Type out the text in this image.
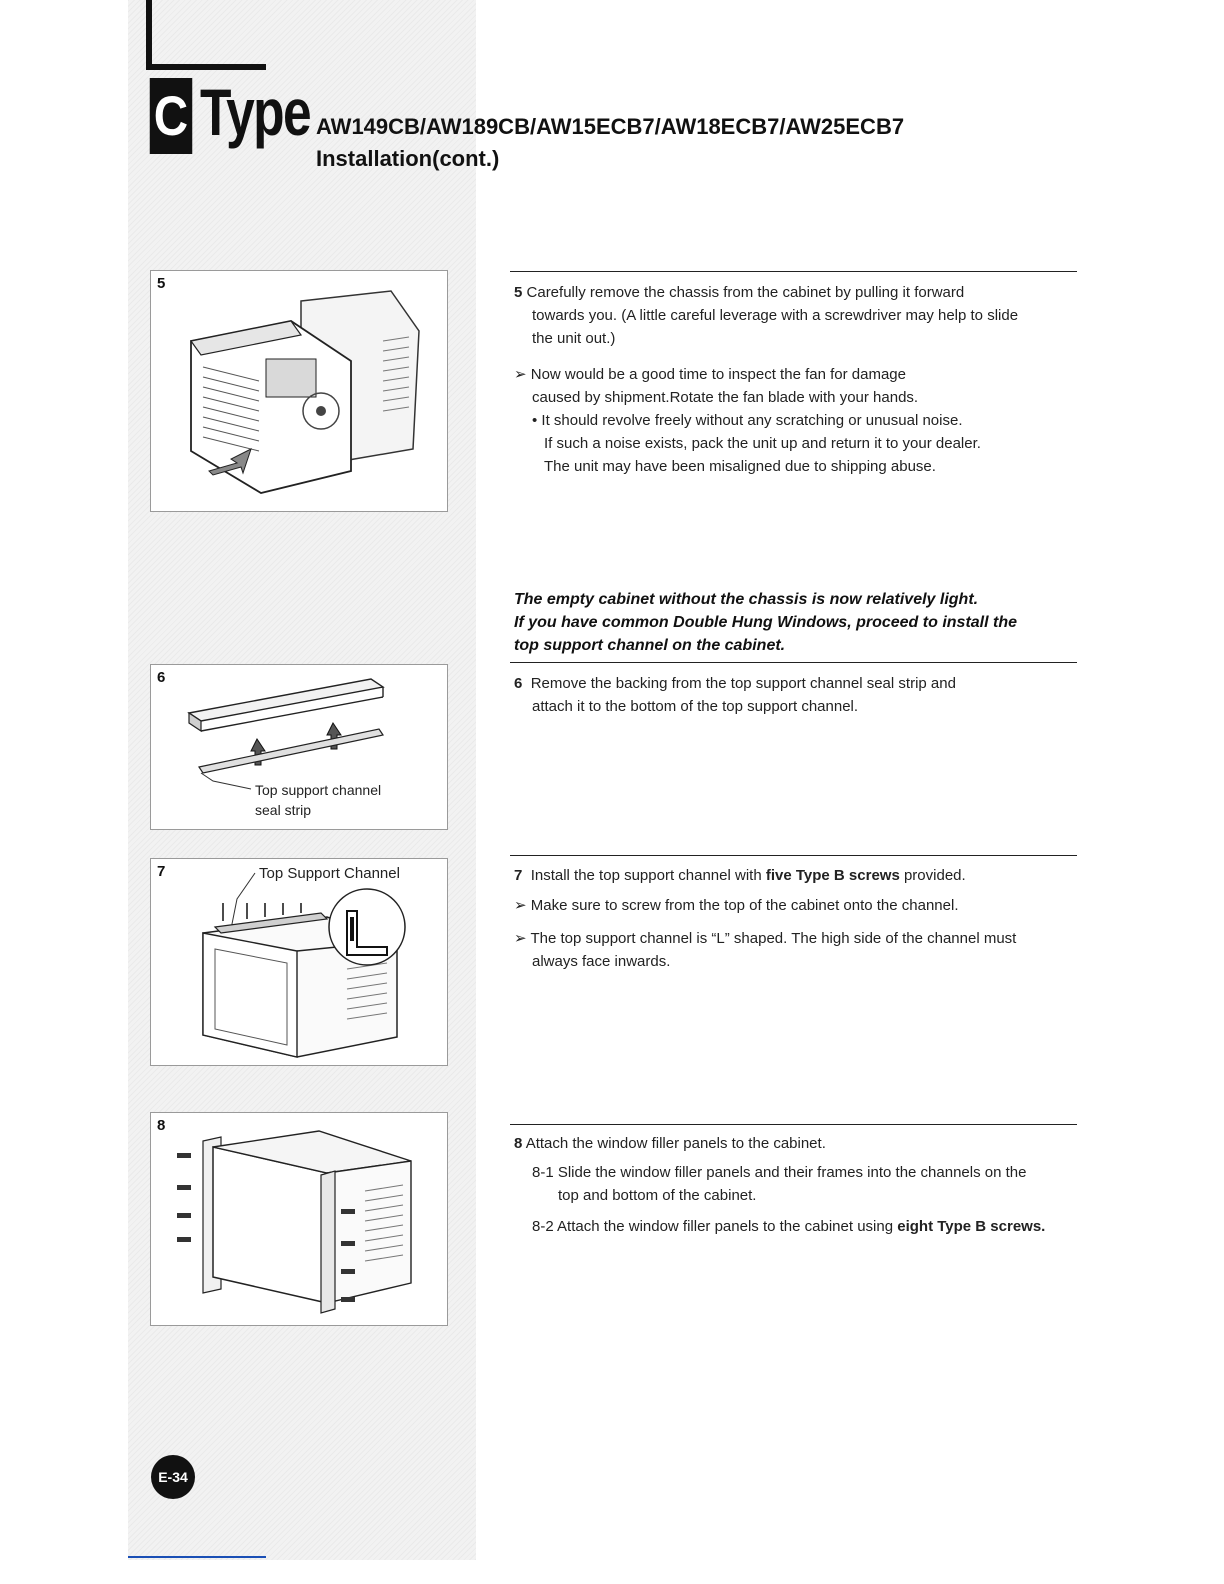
C Type AW149CB/AW189CB/AW15ECB7/AW18ECB7/AW25ECB7
Installation(cont.)
5
6
Top support channel
seal strip
7	Top Support Channel
8
5 Carefully remove the chassis from the cabinet by pulling it forward
towards you. (A little careful leverage with a screwdriver may help to slide
the unit out.)
➢ Now would be a good time to inspect the fan for damage
caused by shipment.Rotate the fan blade with your hands.
• It should revolve freely without any scratching or unusual noise.
If such a noise exists, pack the unit up and return it to your dealer.
The unit may have been misaligned due to shipping abuse.
The empty cabinet without the chassis is now relatively light.
If you have common Double Hung Windows, proceed to install the
top support channel on the cabinet.
6 Remove the backing from the top support channel seal strip and
attach it to the bottom of the top support channel.
7 Install the top support channel with five Type B screws provided.
➢ Make sure to screw from the top of the cabinet onto the channel.
➢ The top support channel is “L” shaped. The high side of the channel must
always face inwards.
8 Attach the window filler panels to the cabinet.
8-1 Slide the window filler panels and their frames into the channels on the
top and bottom of the cabinet.
8-2 Attach the window filler panels to the cabinet using eight Type B screws.
E-34
